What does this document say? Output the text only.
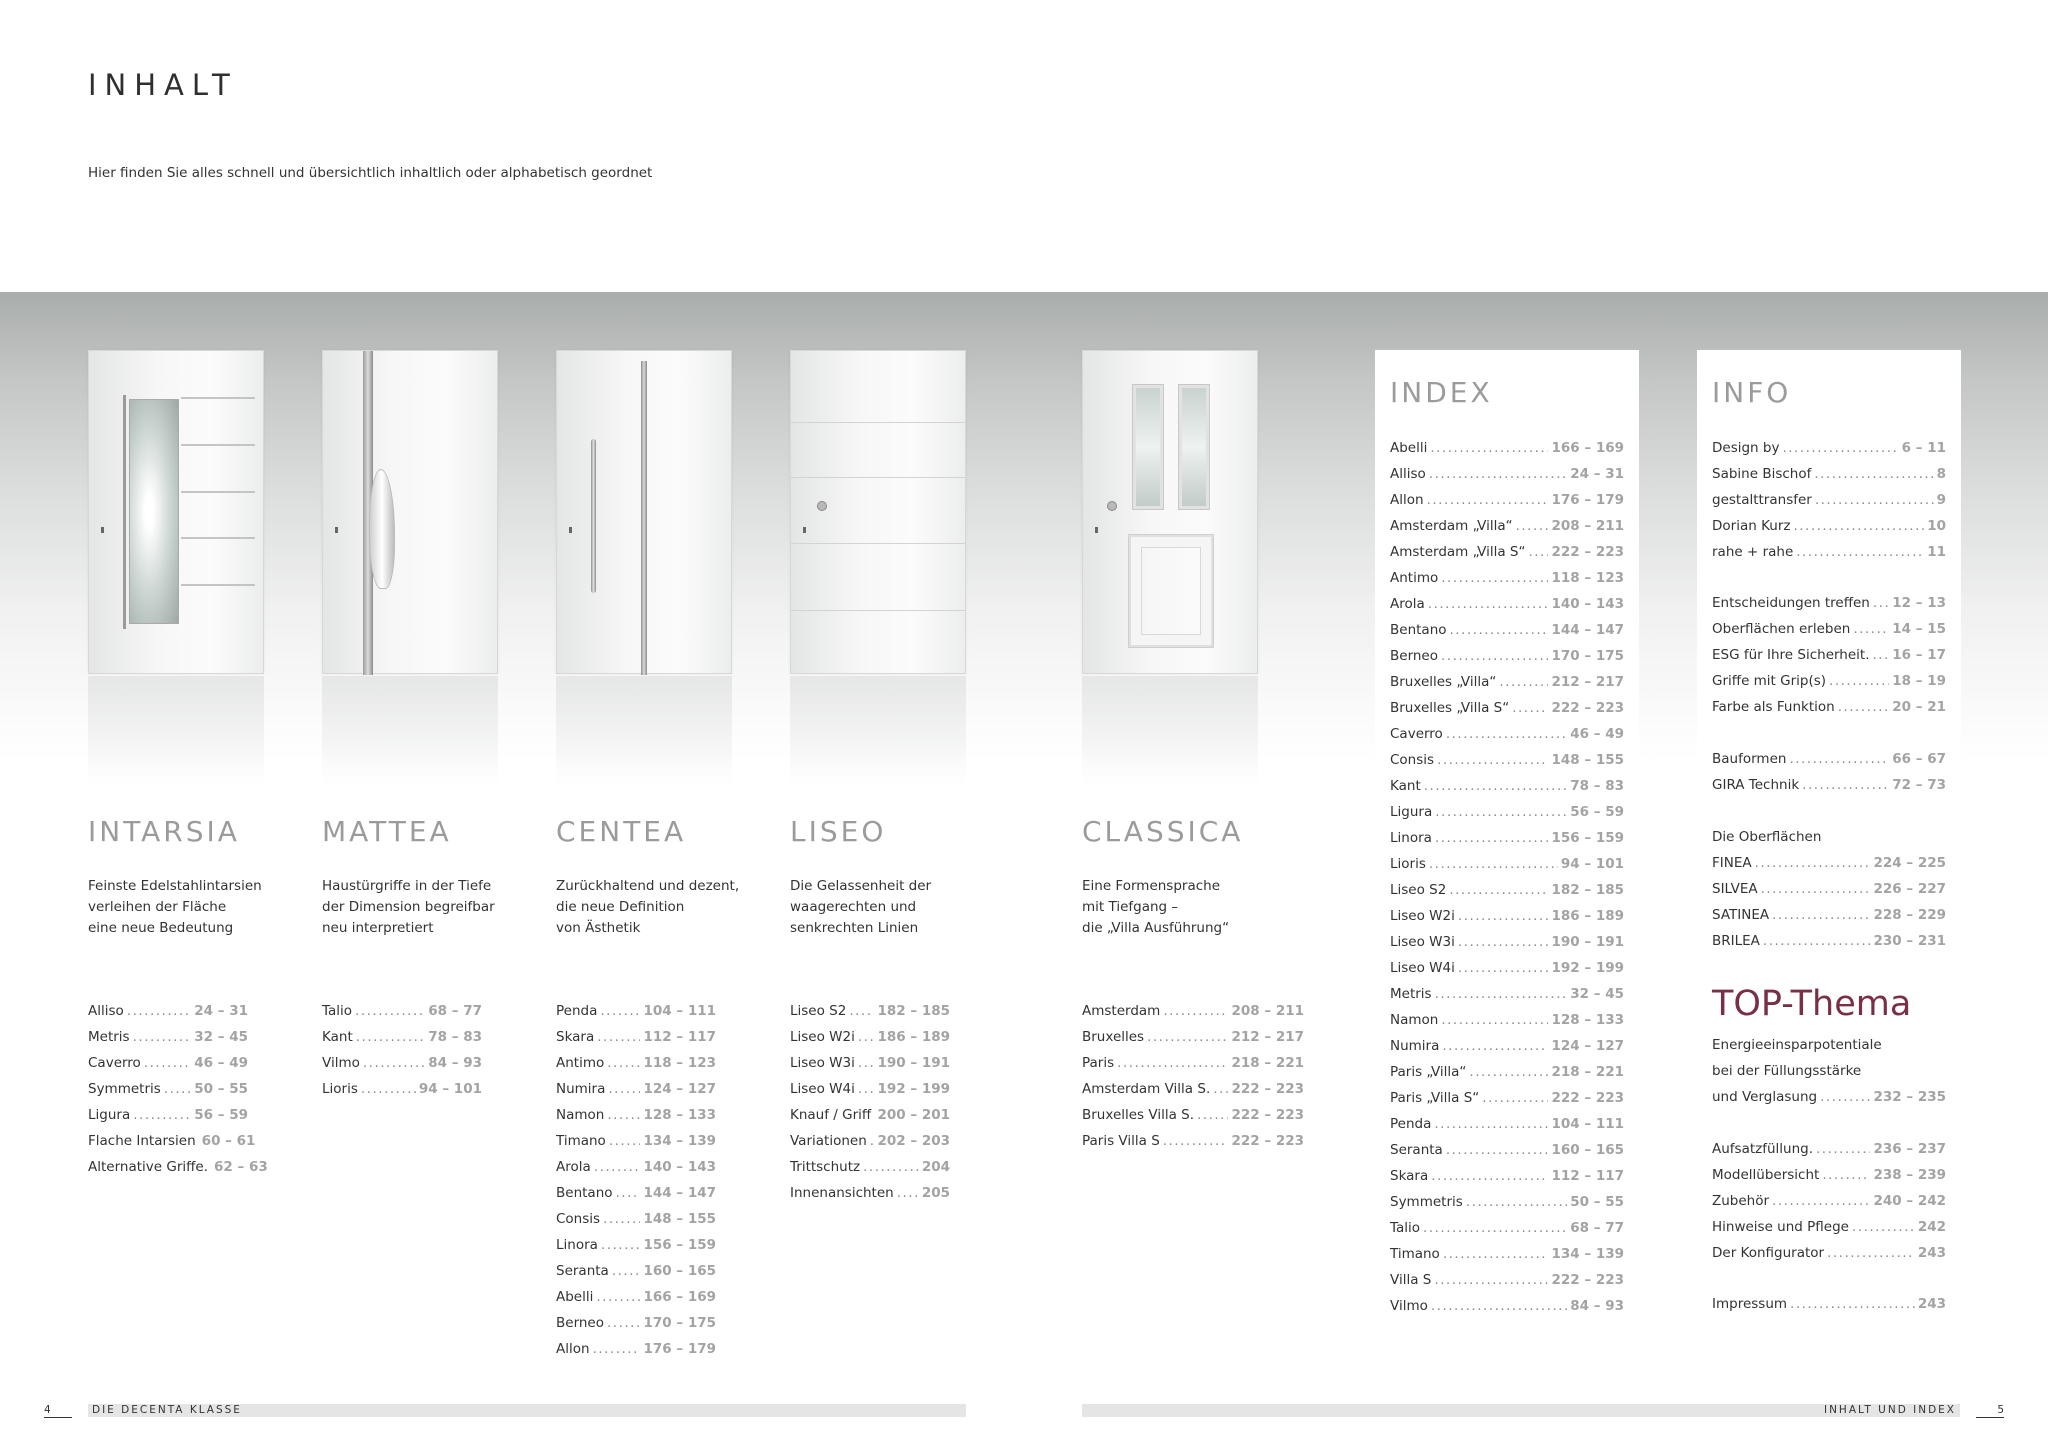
INHALT

Hier finden Sie alles schnell und übersichtlich inhaltlich oder alphabetisch geordnet

INTARSIA	MATTEA	CENTEA	LISEO	CLASSICA

Feinste Edelstahlintarsien
verleihen der Fläche
eine neue Bedeutung

Haustürgriffe in der Tiefe
der Dimension begreifbar
neu interpretiert

Zurückhaltend und dezent,
die neue Definition
von Ästhetik

Die Gelassenheit der
waagerechten und
senkrechten Linien

Eine Formensprache
mit Tiefgang –
die „Villa Ausführung“

Alliso .....	24 – 31
Metris .....	32 – 45
Caverro .....	46 – 49
Symmetris ..... 50 – 55
Ligura .....	56 – 59
Flache Intarsien 60 – 61
Alternative Griffe. 62 – 63
Talio .....	68 – 77
Kant .....	78 – 83
Vilmo .....	84 – 93
Lioris .....	94 – 101
Penda .....	104 – 111
Skara .....	112 – 117
Antimo .....	118 – 123
Numira .....	124 – 127
Namon .....	128 – 133
Timano .....	134 – 139
Arola .....	140 – 143
Bentano ..... 144 – 147
Consis .....	148 – 155
Linora .....	156 – 159
Seranta .....	160 – 165
Abelli .....	166 – 169
Berneo .....	170 – 175
Allon .....	176 – 179
Liseo S2 ..... 182 – 185
Liseo W2i ..... 186 – 189
Liseo W3i ..... 190 – 191
Liseo W4i ..... 192 – 199
Knauf / Griff ..... 200 – 201
Variationen ..... 202 – 203
Trittschutz .....	204
Innenansichten ..... 205
Amsterdam .....	208 – 211
Bruxelles .....	212 – 217
Paris .....	218 – 221
Amsterdam Villa S. ..... 222 – 223
Bruxelles Villa S. .....	222 – 223
Paris Villa S .....	222 – 223
INDEX
Abelli .....	166 – 169
Alliso .....	24 – 31
Allon .....	176 – 179
Amsterdam „Villa“ .....	208 – 211
Amsterdam „Villa S“ ..... 222 – 223
Antimo .....	118 – 123
Arola .....	140 – 143
Bentano .....	144 – 147
Berneo .....	170 – 175
Bruxelles „Villa“ .....	212 – 217
Bruxelles „Villa S“ .....	222 – 223
Caverro .....	46 – 49
Consis .....	148 – 155
Kant .....	78 – 83
Ligura .....	56 – 59
Linora .....	156 – 159
Lioris .....	94 – 101
Liseo S2 .....	182 – 185
Liseo W2i .....	186 – 189
Liseo W3i .....	190 – 191
Liseo W4i .....	192 – 199
Metris .....	32 – 45
Namon .....	128 – 133
Numira .....	124 – 127
Paris „Villa“ .....	218 – 221
Paris „Villa S“ .....	222 – 223
Penda .....	104 – 111
Seranta .....	160 – 165
Skara .....	112 – 117
Symmetris .....	50 – 55
Talio .....	68 – 77
Timano .....	134 – 139
Villa S .....	222 – 223
Vilmo .....	84 – 93
INFO
Design by .....	6 – 11
Sabine Bischof .....	8
gestalttransfer .....	9
Dorian Kurz .....	10
rahe + rahe .....	11
Entscheidungen treffen ..... 12 – 13
Oberflächen erleben .....	14 – 15
ESG für Ihre Sicherheit. ..... 16 – 17
Griffe mit Grip(s) .....	18 – 19
Farbe als Funktion .....	20 – 21
Bauformen .....	66 – 67
GIRA Technik .....	72 – 73
Die Oberflächen
FINEA .....	224 – 225
SILVEA .....	226 – 227
SATINEA .....	228 – 229
BRILEA .....	230 – 231
TOP-Thema
Energieeinsparpotentiale
bei der Füllungsstärke
und Verglasung .....	232 – 235
Aufsatzfüllung. .....	236 – 237
Modellübersicht .....	238 – 239
Zubehör .....	240 – 242
Hinweise und Pflege .....	242
Der Konfigurator .....	243
Impressum .....	243
4	DIE DECENTA KLASSE	INHALT UND INDEX	5
